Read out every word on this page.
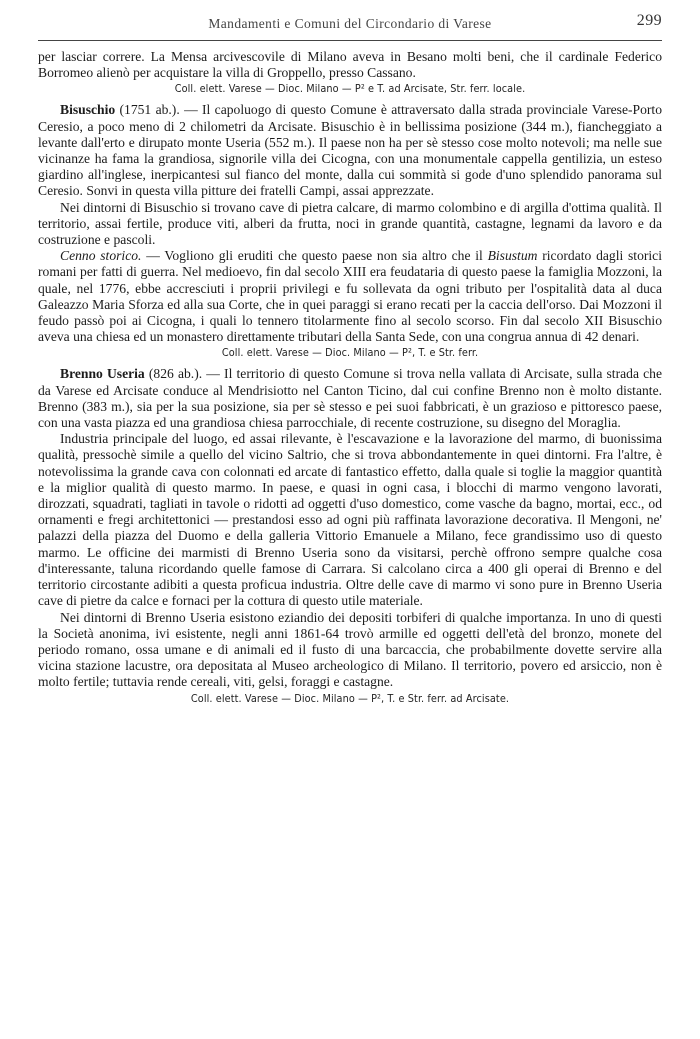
Mandamenti e Comuni del Circondario di Varese	299

per lasciar correre. La Mensa arcivescovile di Milano aveva in Besano molti beni, che il cardinale Federico Borromeo alienò per acquistare la villa di Groppello, presso Cassano.

Coll. elett. Varese — Dioc. Milano — P² e T. ad Arcisate, Str. ferr. locale.

Bisuschio (1751 ab.). — Il capoluogo di questo Comune è attraversato dalla strada provinciale Varese-Porto Ceresio, a poco meno di 2 chilometri da Arcisate. Bisuschio è in bellissima posizione (344 m.), fiancheggiato a levante dall'erto e dirupato monte Useria (552 m.). Il paese non ha per sè stesso cose molto notevoli; ma nelle sue vicinanze ha fama la grandiosa, signorile villa dei Cicogna, con una monumentale cappella gentilizia, un esteso giardino all'inglese, inerpicantesi sul fianco del monte, dalla cui sommità si gode d'uno splendido panorama sul Ceresio. Sonvi in questa villa pitture dei fratelli Campi, assai apprezzate.

Nei dintorni di Bisuschio si trovano cave di pietra calcare, di marmo colombino e di argilla d'ottima qualità. Il territorio, assai fertile, produce viti, alberi da frutta, noci in grande quantità, castagne, legnami da lavoro e da costruzione e pascoli.

Cenno storico. — Vogliono gli eruditi che questo paese non sia altro che il Bisustum ricordato dagli storici romani per fatti di guerra. Nel medioevo, fin dal secolo XIII era feudataria di questo paese la famiglia Mozzoni, la quale, nel 1776, ebbe accresciuti i proprii privilegi e fu sollevata da ogni tributo per l'ospitalità data al duca Galeazzo Maria Sforza ed alla sua Corte, che in quei paraggi si erano recati per la caccia dell'orso. Dai Mozzoni il feudo passò poi ai Cicogna, i quali lo tennero titolarmente fino al secolo scorso. Fin dal secolo XII Bisuschio aveva una chiesa ed un monastero direttamente tributari della Santa Sede, con una congrua annua di 42 denari.

Coll. elett. Varese — Dioc. Milano — P², T. e Str. ferr.

Brenno Useria (826 ab.). — Il territorio di questo Comune si trova nella vallata di Arcisate, sulla strada che da Varese ed Arcisate conduce al Mendrisiotto nel Canton Ticino, dal cui confine Brenno non è molto distante. Brenno (383 m.), sia per la sua posizione, sia per sè stesso e pei suoi fabbricati, è un grazioso e pittoresco paese, con una vasta piazza ed una grandiosa chiesa parrocchiale, di recente costruzione, su disegno del Moraglia.

Industria principale del luogo, ed assai rilevante, è l'escavazione e la lavorazione del marmo, di buonissima qualità, pressochè simile a quello del vicino Saltrio, che si trova abbondantemente in quei dintorni. Fra l'altre, è notevolissima la grande cava con colonnati ed arcate di fantastico effetto, dalla quale si toglie la maggior quantità e la miglior qualità di questo marmo. In paese, e quasi in ogni casa, i blocchi di marmo vengono lavorati, dirozzati, squadrati, tagliati in tavole o ridotti ad oggetti d'uso domestico, come vasche da bagno, mortai, ecc., od ornamenti e fregi architettonici — prestandosi esso ad ogni più raffinata lavorazione decorativa. Il Mengoni, ne' palazzi della piazza del Duomo e della galleria Vittorio Emanuele a Milano, fece grandissimo uso di questo marmo. Le officine dei marmisti di Brenno Useria sono da visitarsi, perchè offrono sempre qualche cosa d'interessante, taluna ricordando quelle famose di Carrara. Si calcolano circa a 400 gli operai di Brenno e del territorio circostante adibiti a questa proficua industria. Oltre delle cave di marmo vi sono pure in Brenno Useria cave di pietre da calce e fornaci per la cottura di questo utile materiale.

Nei dintorni di Brenno Useria esistono eziandio dei depositi torbiferi di qualche importanza. In uno di questi la Società anonima, ivi esistente, negli anni 1861-64 trovò armille ed oggetti dell'età del bronzo, monete del periodo romano, ossa umane e di animali ed il fusto di una barcaccia, che probabilmente dovette servire alla vicina stazione lacustre, ora depositata al Museo archeologico di Milano. Il territorio, povero ed arsiccio, non è molto fertile; tuttavia rende cereali, viti, gelsi, foraggi e castagne.

Coll. elett. Varese — Dioc. Milano — P², T. e Str. ferr. ad Arcisate.
